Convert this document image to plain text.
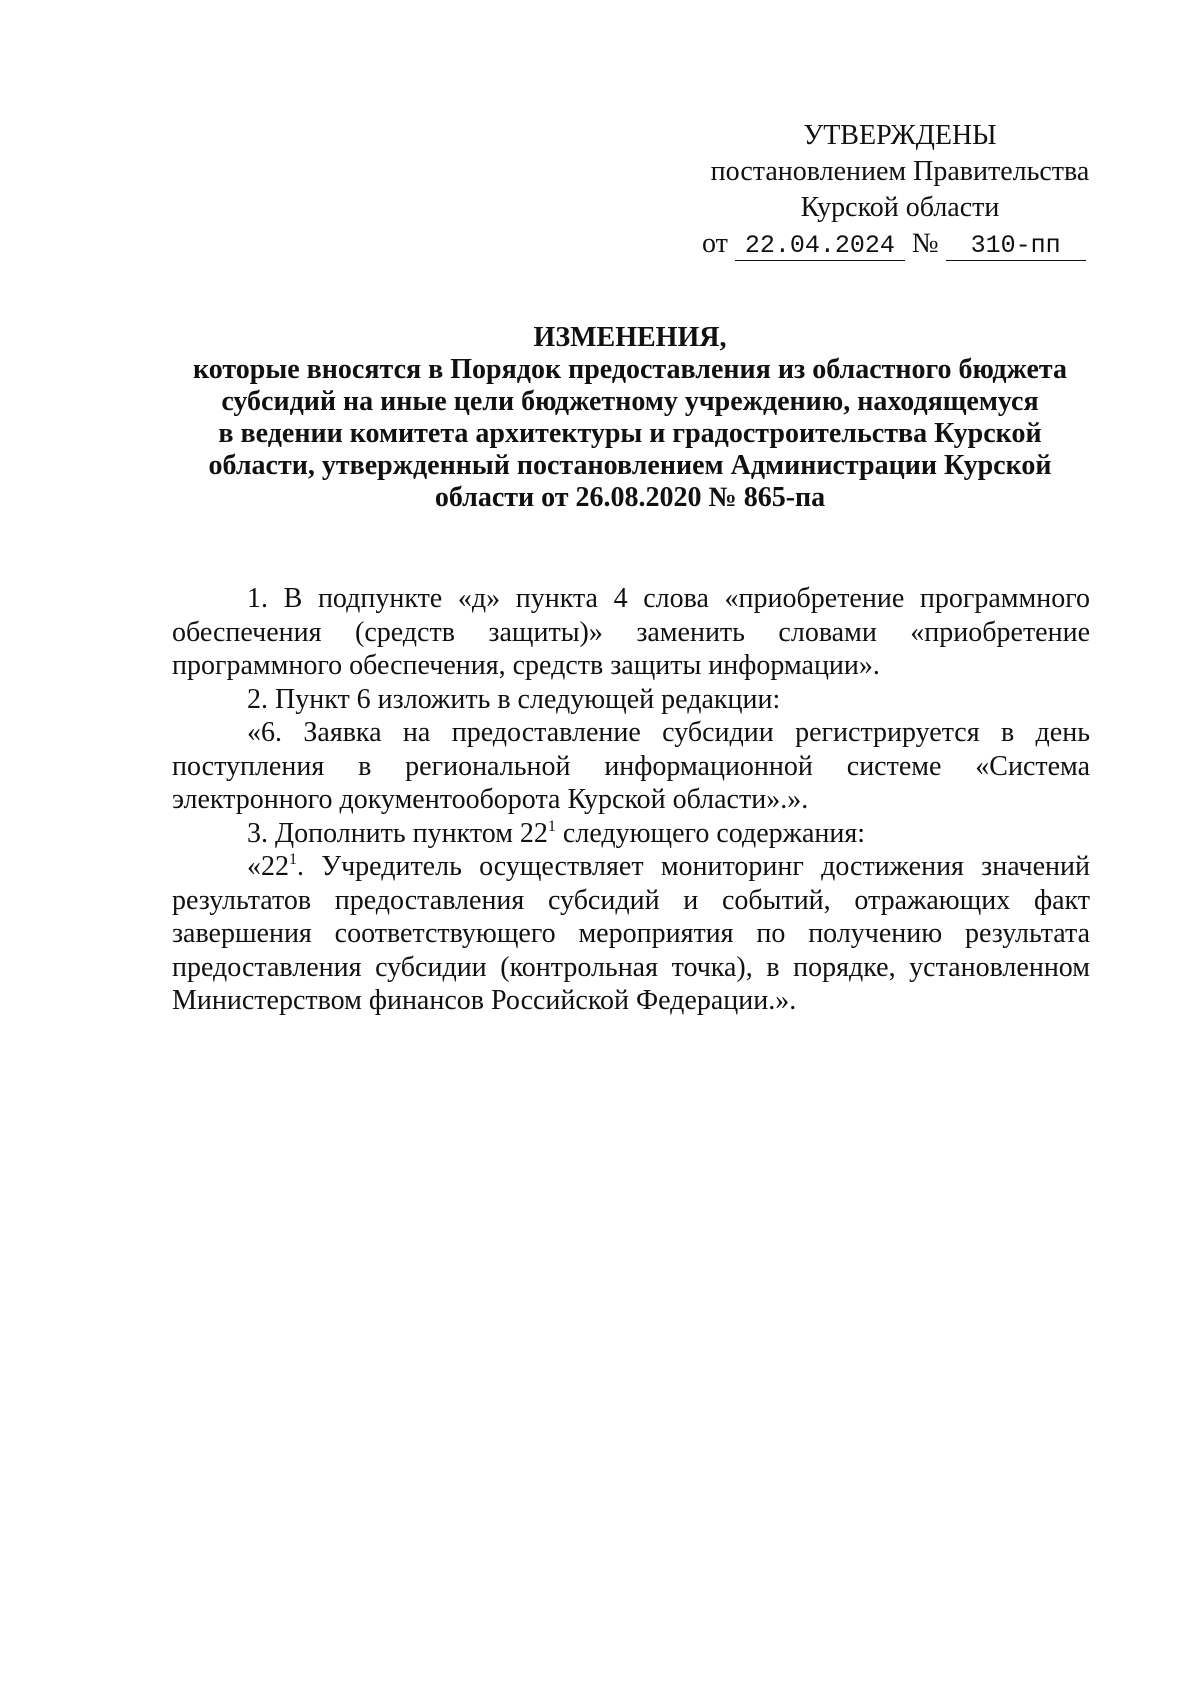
УТВЕРЖДЕНЫ
постановлением Правительства
Курской области
от 22.04.2024 № 310-пп
ИЗМЕНЕНИЯ,
которые вносятся в Порядок предоставления из областного бюджета
субсидий на иные цели бюджетному учреждению, находящемуся
в ведении комитета архитектуры и градостроительства Курской
области, утвержденный постановлением Администрации Курской
области от 26.08.2020 № 865-па

1. В подпункте «д» пункта 4 слова «приобретение программного обеспечения (средств защиты)» заменить словами «приобретение программного обеспечения, средств защиты информации».

2. Пункт 6 изложить в следующей редакции:

«6. Заявка на предоставление субсидии регистрируется в день поступления в региональной информационной системе «Система электронного документооборота Курской области».».

3. Дополнить пунктом $22^1$ следующего содержания:

«$22^1$. Учредитель осуществляет мониторинг достижения значений результатов предоставления субсидий и событий, отражающих факт завершения соответствующего мероприятия по получению результата предоставления субсидии (контрольная точка), в порядке, установленном Министерством финансов Российской Федерации.».
